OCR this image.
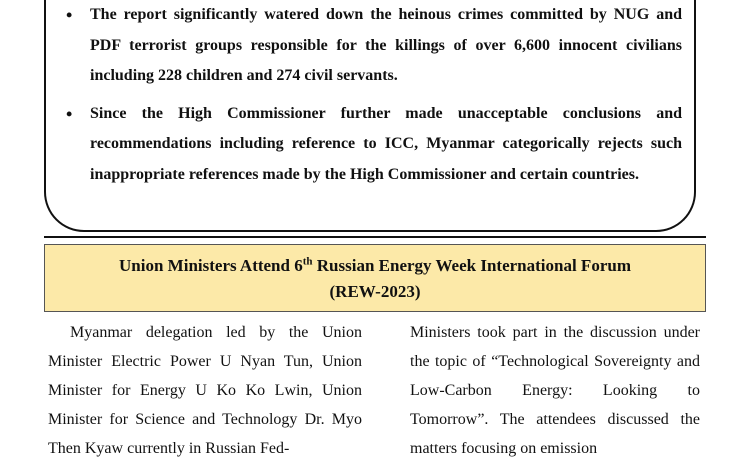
• The report significantly watered down the heinous crimes committed by NUG and PDF terrorist groups responsible for the killings of over 6,600 innocent civilians including 228 children and 274 civil servants.
• Since the High Commissioner further made unacceptable conclusions and recommendations including reference to ICC, Myanmar categorically rejects such inappropriate references made by the High Commissioner and certain countries.
Union Ministers Attend 6th Russian Energy Week International Forum
(REW-2023)

Myanmar delegation led by the Union Minister Electric Power U Nyan Tun, Union Minister for Energy U Ko Ko Lwin, Union Minister for Science and Technology Dr. Myo Then Kyaw currently in Russian Fed-

Ministers took part in the discussion under the topic of “Technological Sovereignty and Low-Carbon Energy: Looking to Tomorrow”. The attendees discussed the matters focusing on emission
